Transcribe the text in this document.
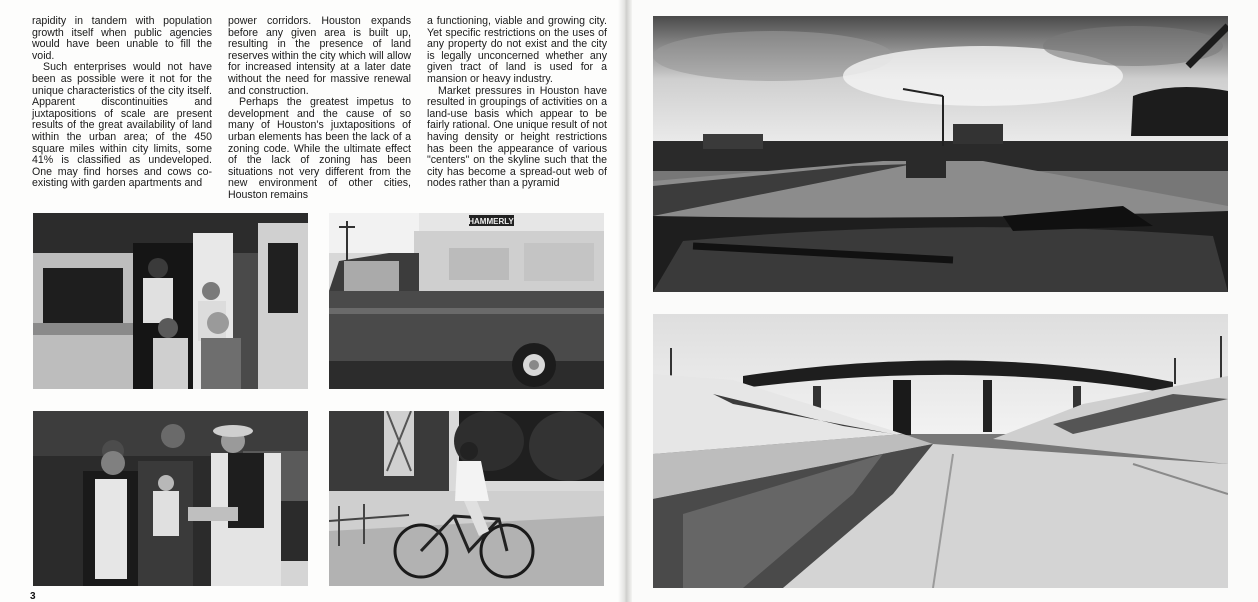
rapidity in tandem with population growth itself when public agencies would have been unable to fill the void.

Such enterprises would not have been as possible were it not for the unique characteristics of the city itself. Apparent discontinuities and juxtapositions of scale are present results of the great availability of land within the urban area; of the 450 square miles within city limits, some 41% is classified as undeveloped. One may find horses and cows co-existing with garden apartments and

power corridors. Houston expands before any given area is built up, resulting in the presence of land reserves within the city which will allow for increased intensity at a later date without the need for massive renewal and construction.

Perhaps the greatest impetus to development and the cause of so many of Houston's juxtapositions of urban elements has been the lack of a zoning code. While the ultimate effect of the lack of zoning has been situations not very different from the new environment of other cities, Houston remains

a functioning, viable and growing city. Yet specific restrictions on the uses of any property do not exist and the city is legally unconcerned whether any given tract of land is used for a mansion or heavy industry.

Market pressures in Houston have resulted in groupings of activities on a land-use basis which appear to be fairly rational. One unique result of not having density or height restrictions has been the appearance of various "centers" on the skyline such that the city has become a spread-out web of nodes rather than a pyramid

HAMMERLY
3
